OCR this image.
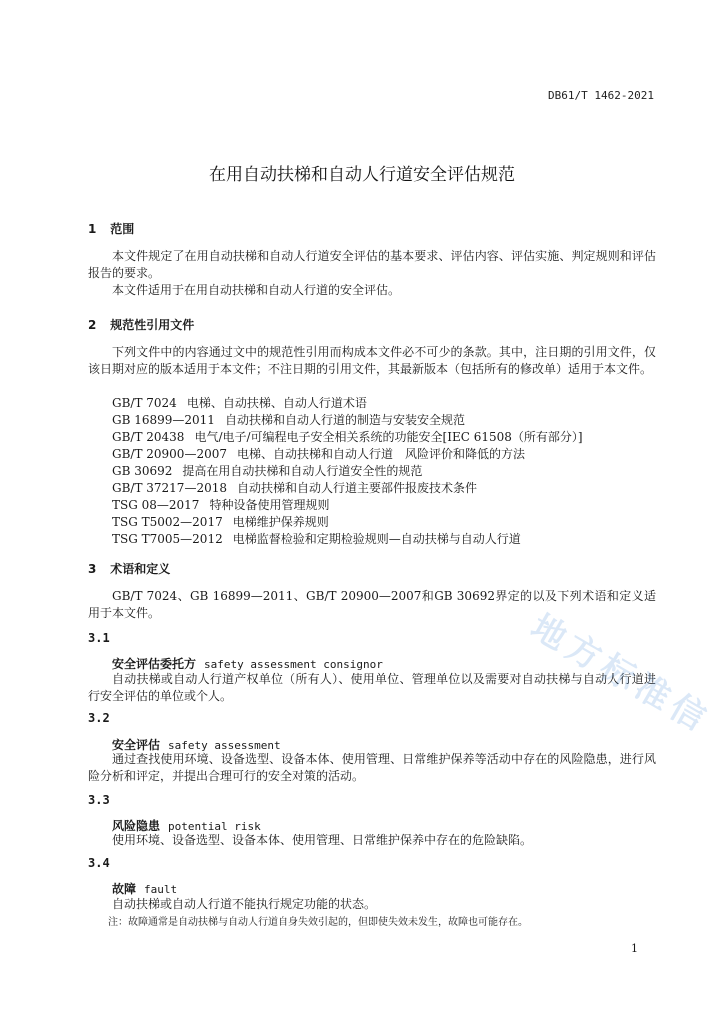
DB61/T 1462-2021
在用自动扶梯和自动人行道安全评估规范
1 范围
本文件规定了在用自动扶梯和自动人行道安全评估的基本要求、评估内容、评估实施、判定规则和评估报告的要求。
本文件适用于在用自动扶梯和自动人行道的安全评估。
2 规范性引用文件
下列文件中的内容通过文中的规范性引用而构成本文件必不可少的条款。其中，注日期的引用文件，仅该日期对应的版本适用于本文件；不注日期的引用文件，其最新版本（包括所有的修改单）适用于本文件。
GB/T 7024 电梯、自动扶梯、自动人行道术语
GB 16899—2011 自动扶梯和自动人行道的制造与安装安全规范
GB/T 20438 电气/电子/可编程电子安全相关系统的功能安全[IEC 61508（所有部分）]
GB/T 20900—2007 电梯、自动扶梯和自动人行道　风险评价和降低的方法
GB 30692 提高在用自动扶梯和自动人行道安全性的规范
GB/T 37217—2018 自动扶梯和自动人行道主要部件报废技术条件
TSG 08—2017 特种设备使用管理规则
TSG T5002—2017 电梯维护保养规则
TSG T7005—2012 电梯监督检验和定期检验规则—自动扶梯与自动人行道
3 术语和定义
GB/T 7024、GB 16899—2011、GB/T 20900—2007和GB 30692界定的以及下列术语和定义适用于本文件。
3.1
安全评估委托方 safety assessment consignor
自动扶梯或自动人行道产权单位（所有人）、使用单位、管理单位以及需要对自动扶梯与自动人行道进行安全评估的单位或个人。
3.2
安全评估 safety assessment
通过查找使用环境、设备选型、设备本体、使用管理、日常维护保养等活动中存在的风险隐患，进行风险分析和评定，并提出合理可行的安全对策的活动。
3.3
风险隐患 potential risk
使用环境、设备选型、设备本体、使用管理、日常维护保养中存在的危险缺陷。
3.4
故障 fault
自动扶梯或自动人行道不能执行规定功能的状态。
注：故障通常是自动扶梯与自动人行道自身失效引起的，但即使失效未发生，故障也可能存在。
1
地方标准信
